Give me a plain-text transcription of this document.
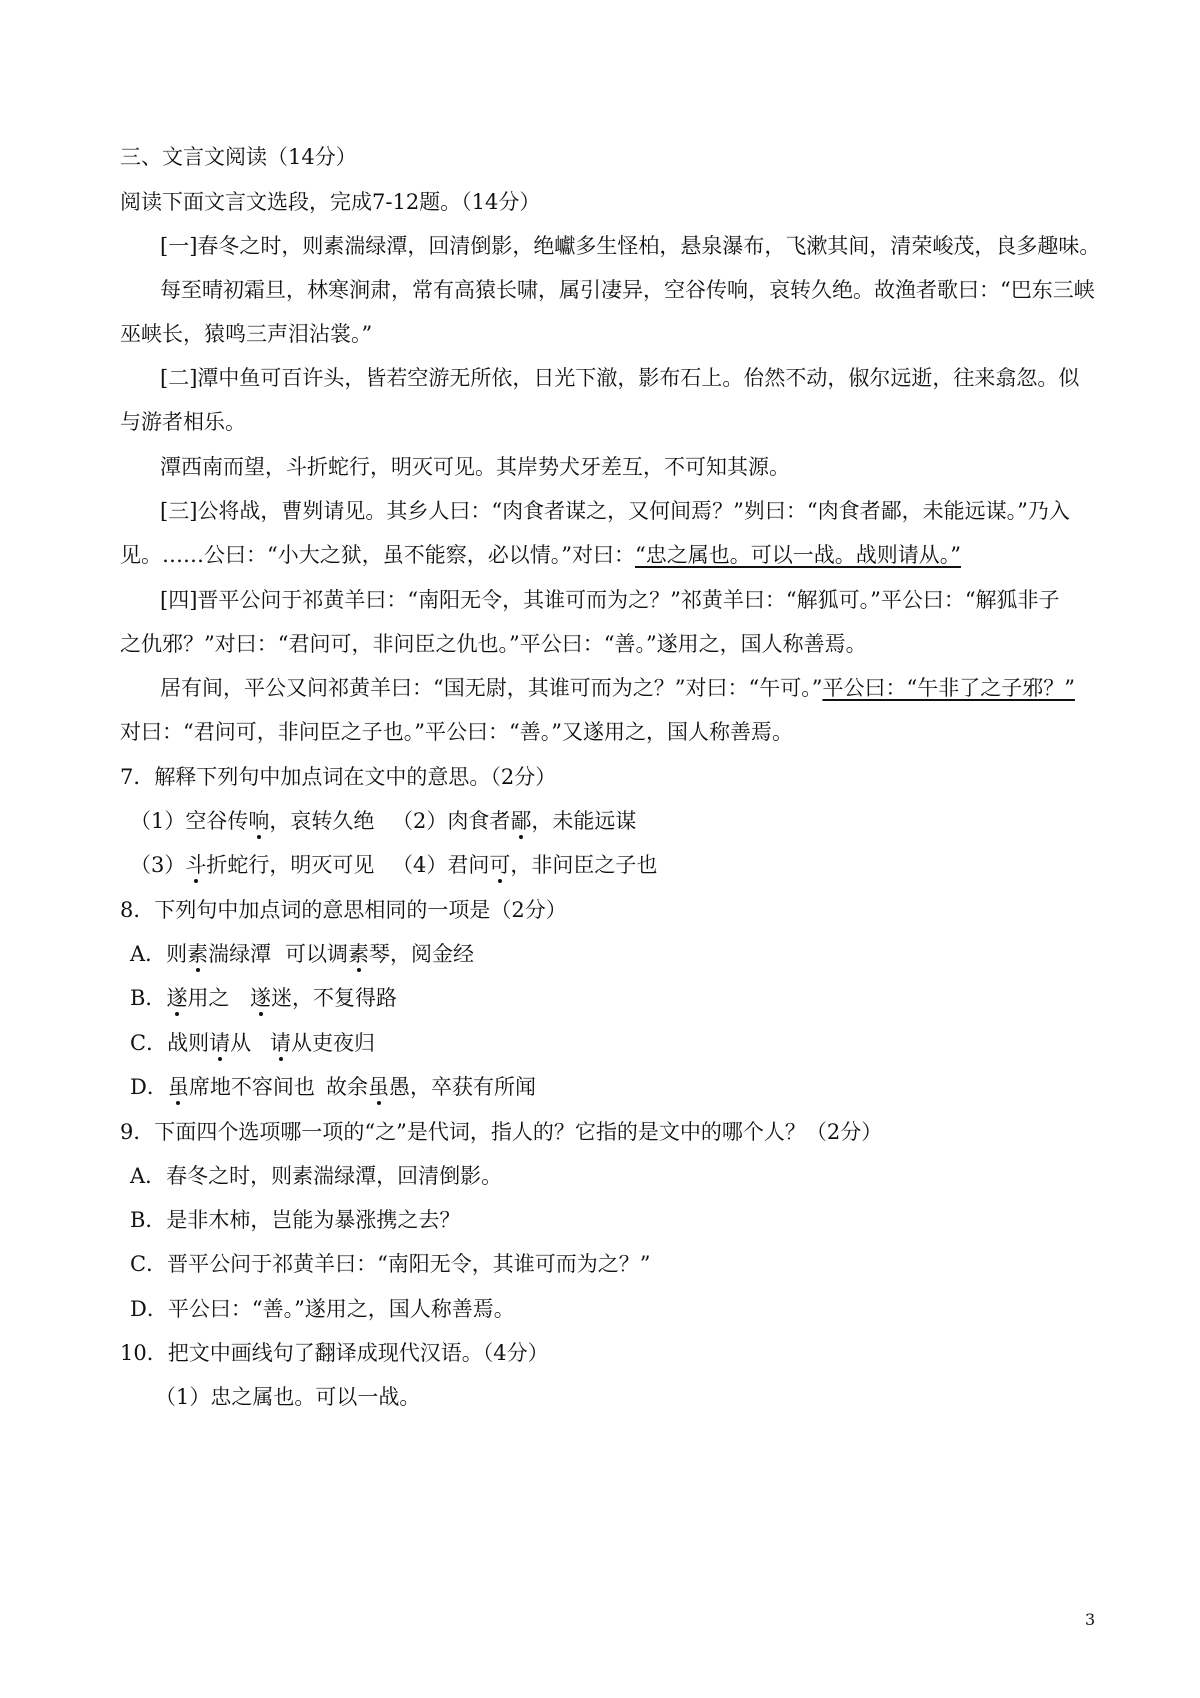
三、文言文阅读（14分）
阅读下面文言文选段，完成7-12题。（14分）
[一]春冬之时，则素湍绿潭，回清倒影，绝巘多生怪柏，悬泉瀑布，飞漱其间，清荣峻茂，良多趣味。
每至晴初霜旦，林寒涧肃，常有高猿长啸，属引凄异，空谷传响，哀转久绝。故渔者歌曰：“巴东三峡
巫峡长，猿鸣三声泪沾裳。”
[二]潭中鱼可百许头，皆若空游无所依，日光下澈，影布石上。佁然不动，俶尔远逝，往来翕忽。似
与游者相乐。
潭西南而望，斗折蛇行，明灭可见。其岸势犬牙差互，不可知其源。
[三]公将战，曹刿请见。其乡人曰：“肉食者谋之，又何间焉？”刿曰：“肉食者鄙，未能远谋。”乃入
见。……公曰：“小大之狱，虽不能察，必以情。”对曰：“忠之属也。可以一战。战则请从。”
[四]晋平公问于祁黄羊曰：“南阳无令，其谁可而为之？”祁黄羊曰：“解狐可。”平公曰：“解狐非子
之仇邪？”对曰：“君问可，非问臣之仇也。”平公曰：“善。”遂用之，国人称善焉。
居有间，平公又问祁黄羊曰：“国无尉，其谁可而为之？”对曰：“午可。”平公曰：“午非了之子邪？”
对曰：“君问可，非问臣之子也。”平公曰：“善。”又遂用之，国人称善焉。
7．解释下列句中加点词在文中的意思。（2分）
（1）空谷传响，哀转久绝 （2）肉食者鄙，未能远谋
（3）斗折蛇行，明灭可见 （4）君问可，非问臣之子也
8．下列句中加点词的意思相同的一项是（2分）
A．则素湍绿潭 可以调素琴，阅金经
B．遂用之 遂迷，不复得路
C．战则请从 请从吏夜归
D．虽席地不容间也 故余虽愚，卒获有所闻
9．下面四个选项哪一项的“之”是代词，指人的？它指的是文中的哪个人？（2分）
A．春冬之时，则素湍绿潭，回清倒影。
B．是非木柿，岂能为暴涨携之去？
C．晋平公问于祁黄羊曰：“南阳无令，其谁可而为之？”
D．平公曰：“善。”遂用之，国人称善焉。
10．把文中画线句了翻译成现代汉语。（4分）
（1）忠之属也。可以一战。
3
